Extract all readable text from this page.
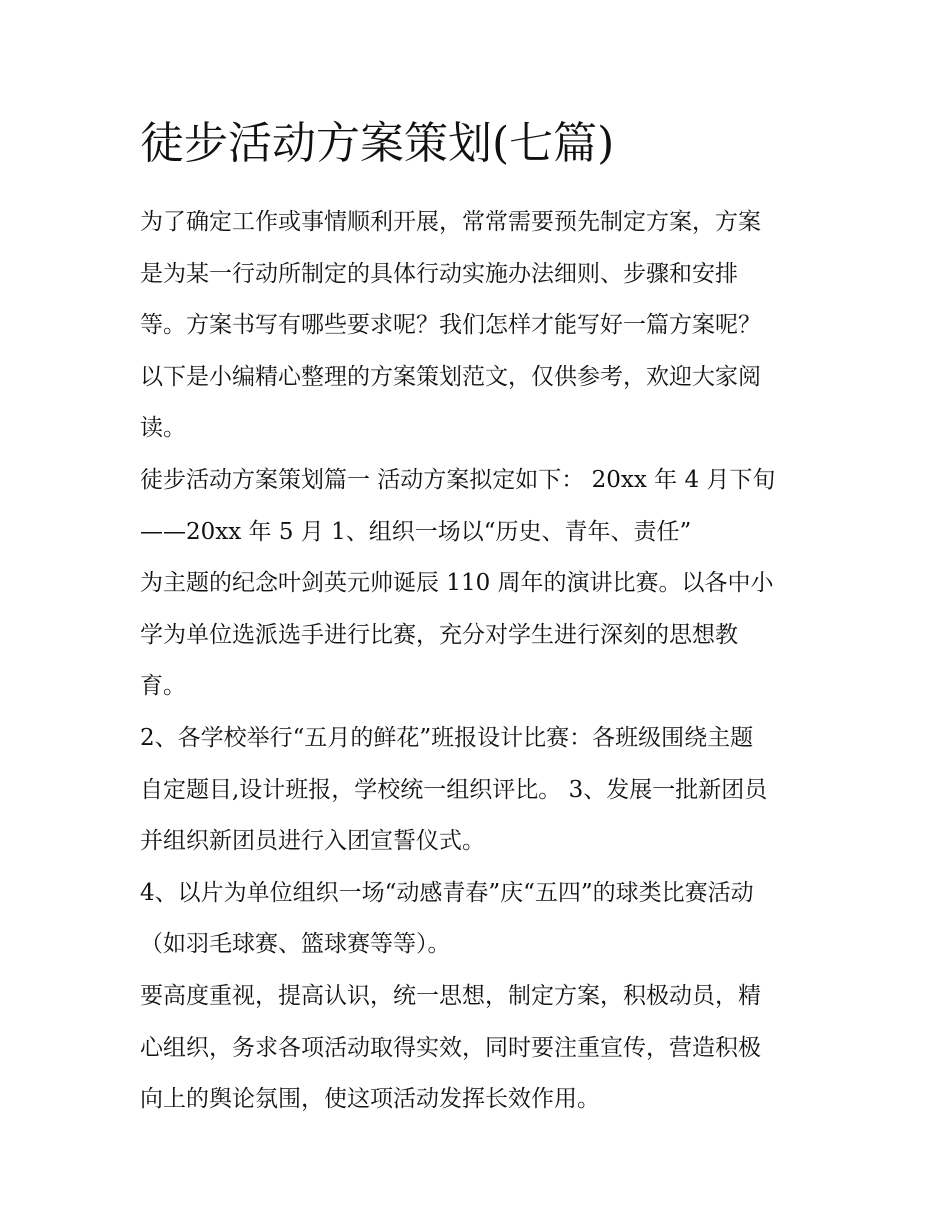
徒步活动方案策划(七篇)
为了确定工作或事情顺利开展，常常需要预先制定方案，方案
是为某一行动所制定的具体行动实施办法细则、步骤和安排
等。方案书写有哪些要求呢？我们怎样才能写好一篇方案呢？
以下是小编精心整理的方案策划范文，仅供参考，欢迎大家阅
读。
徒步活动方案策划篇一 活动方案拟定如下： 20xx 年 4 月下旬
——20xx 年 5 月 1、组织一场以“历史、青年、责任”
为主题的纪念叶剑英元帅诞辰 110 周年的演讲比赛。以各中小
学为单位选派选手进行比赛，充分对学生进行深刻的思想教
育。
2、各学校举行“五月的鲜花”班报设计比赛：各班级围绕主题
自定题目,设计班报，学校统一组织评比。 3、发展一批新团员
并组织新团员进行入团宣誓仪式。
4、以片为单位组织一场“动感青春”庆“五四”的球类比赛活动
（如羽毛球赛、篮球赛等等）。
要高度重视，提高认识，统一思想，制定方案，积极动员，精
心组织，务求各项活动取得实效，同时要注重宣传，营造积极
向上的舆论氛围，使这项活动发挥长效作用。
